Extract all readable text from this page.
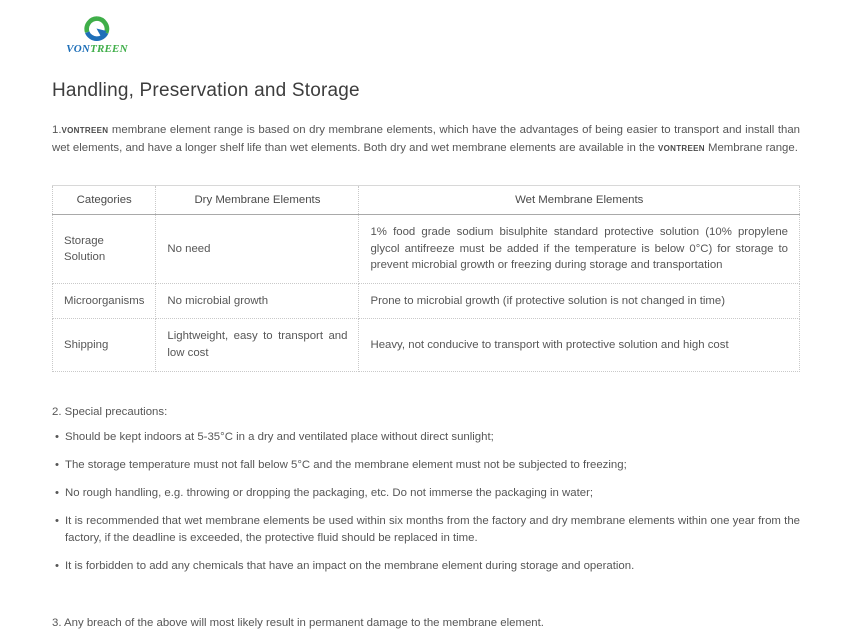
VONTREEN
Handling, Preservation and Storage

1.VONTREEN membrane element range is based on dry membrane elements, which have the advantages of being easier to transport and install than wet elements, and have a longer shelf life than wet elements. Both dry and wet membrane elements are available in the VONTREEN Membrane range.

Categories	Dry Membrane Elements	Wet Membrane Elements
Storage Solution	No need	1% food grade sodium bisulphite standard protective solution (10% propylene glycol antifreeze must be added if the temperature is below 0°C) for storage to prevent microbial growth or freezing during storage and transportation
Microorganisms	No microbial growth	Prone to microbial growth (if protective solution is not changed in time)
Shipping	Lightweight, easy to transport and low cost	Heavy, not conducive to transport with protective solution and high cost

2. Special precautions:

• Should be kept indoors at 5-35°C in a dry and ventilated place without direct sunlight;
• The storage temperature must not fall below 5°C and the membrane element must not be subjected to freezing;
• No rough handling, e.g. throwing or dropping the packaging, etc. Do not immerse the packaging in water;
• It is recommended that wet membrane elements be used within six months from the factory and dry membrane elements within one year from the factory, if the deadline is exceeded, the protective fluid should be replaced in time.
• It is forbidden to add any chemicals that have an impact on the membrane element during storage and operation.

3. Any breach of the above will most likely result in permanent damage to the membrane element.
